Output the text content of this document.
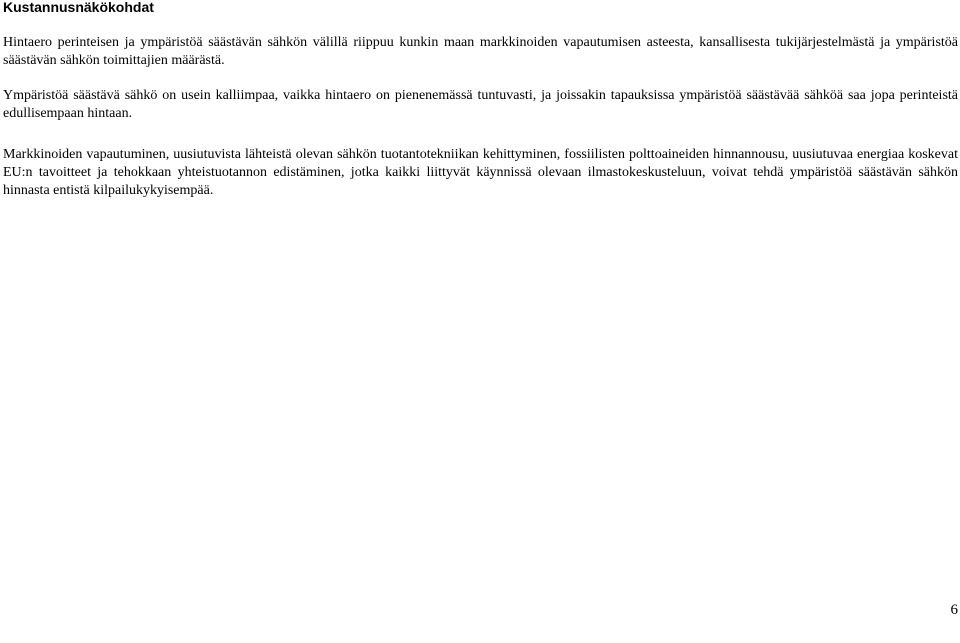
Kustannusnäkökohdat

Hintaero perinteisen ja ympäristöä säästävän sähkön välillä riippuu kunkin maan markkinoiden vapautumisen asteesta, kansallisesta tukijärjestelmästä ja ympäristöä säästävän sähkön toimittajien määrästä.

Ympäristöä säästävä sähkö on usein kalliimpaa, vaikka hintaero on pienenemässä tuntuvasti, ja joissakin tapauksissa ympäristöä säästävää sähköä saa jopa perinteistä edullisempaan hintaan.

Markkinoiden vapautuminen, uusiutuvista lähteistä olevan sähkön tuotantotekniikan kehittyminen, fossiilisten polttoaineiden hinnannousu, uusiutuvaa energiaa koskevat EU:n tavoitteet ja tehokkaan yhteistuotannon edistäminen, jotka kaikki liittyvät käynnissä olevaan ilmastokeskusteluun, voivat tehdä ympäristöä säästävän sähkön hinnasta entistä kilpailukykyisempää.

6
